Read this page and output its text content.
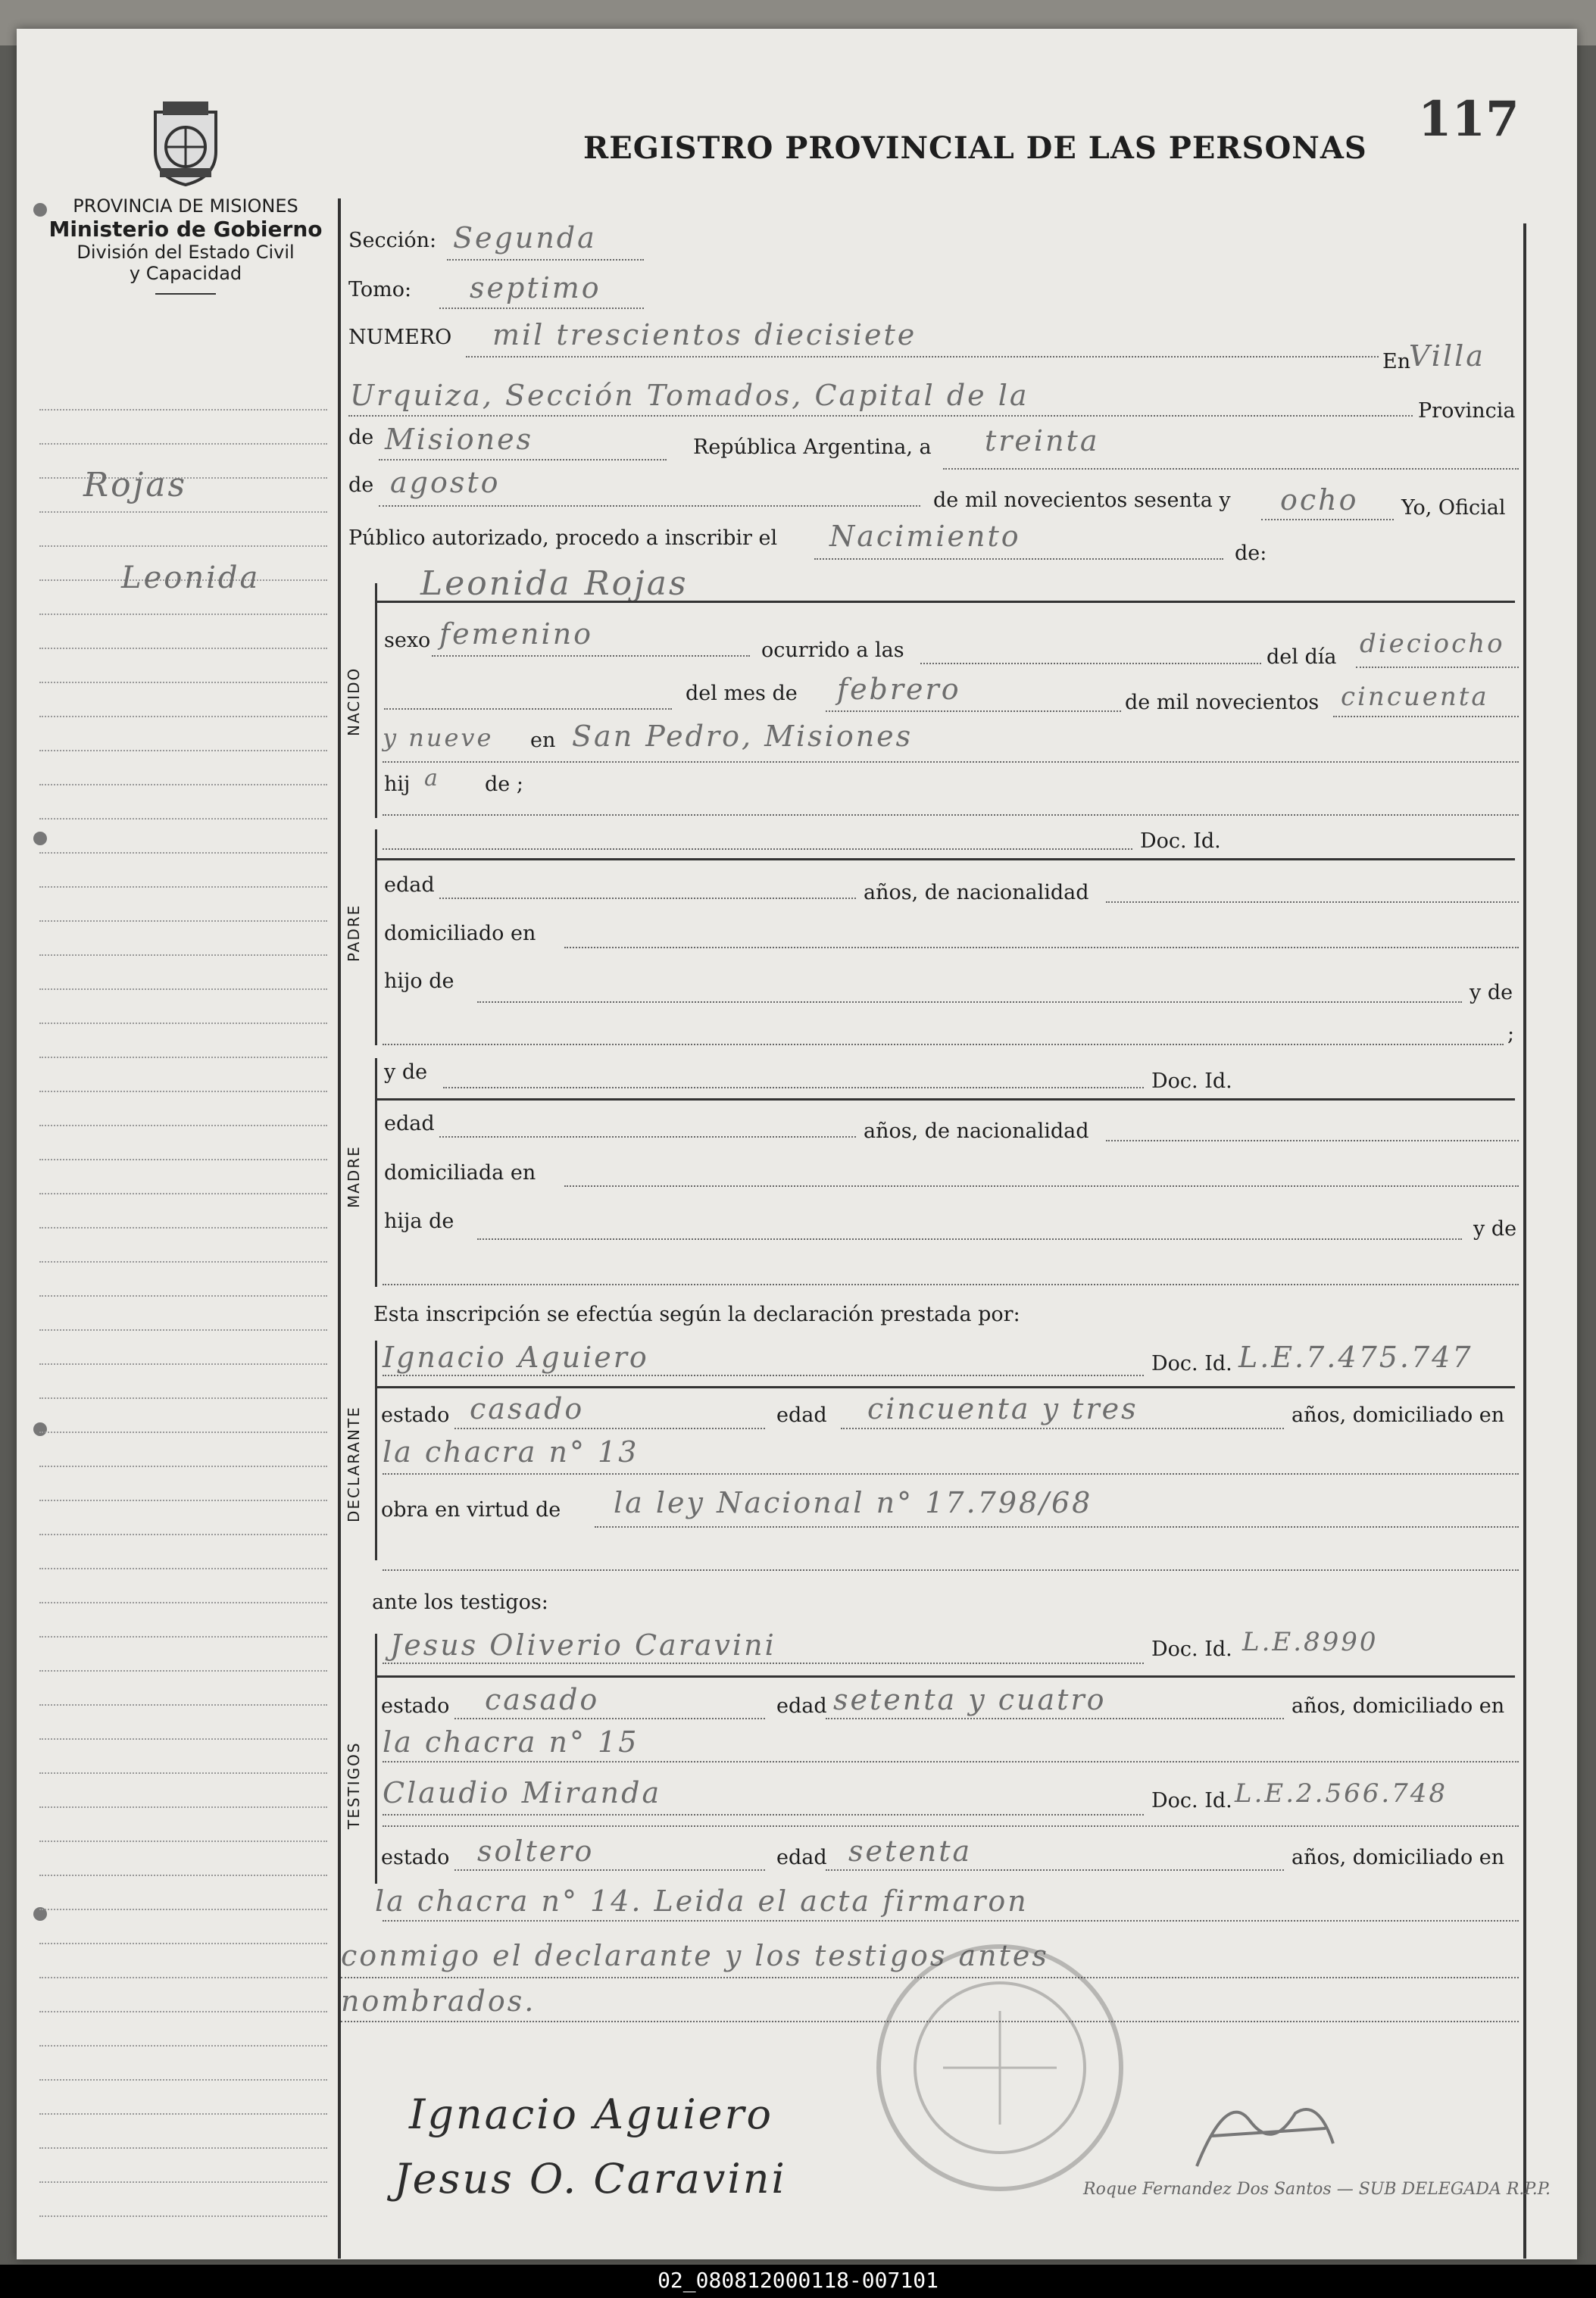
PROVINCIA DE MISIONES
Ministerio de Gobierno
División del Estado Civil
y Capacidad
117
REGISTRO PROVINCIAL DE LAS PERSONAS
Rojas
Leonida
Sección: Segunda
Tomo: septimo
NUMERO mil trescientos diecisiete
En
Villa
Urquiza, Sección Tomados, Capital de la	Provincia
de Misiones	República Argentina, a treinta
de agosto
de mil novecientos sesenta y ocho Yo, Oficial
Público autorizado, procedo a inscribir el Nacimiento
de:
Leonida Rojas
NACIDO
sexo femenino	ocurrido a las	del día dieciocho
del mes de febrero	de mil novecientos cincuenta
y nueve en San Pedro, Misiones
hij a de ;
Doc. Id.
PADRE
edad	años, de nacionalidad
domiciliado en
hijo de	y de
;
y de	Doc. Id.
MADRE
edad	años, de nacionalidad
domiciliada en
hija de	y de
Esta inscripción se efectúa según la declaración prestada por:
Ignacio Aguiero	Doc. Id. L.E.7.475.747
DECLARANTE estado casado	edad cincuenta y tres	años, domiciliado en
la chacra n° 13
obra en virtud de la ley Nacional n° 17.798/68
ante los testigos:
Jesus Oliverio Caravini	Doc. Id. L.E.8990
TESTIGOS
estado casado	edad setenta y cuatro	años, domiciliado en
la chacra n° 15
Claudio Miranda	Doc. Id. L.E.2.566.748
estado soltero	edad setenta	años, domiciliado en
la chacra n° 14. Leida el acta firmaron
conmigo el declarante y los testigos antes
nombrados.
Roque Fernandez Dos Santos — SUB DELEGADA R.P.P.
Ignacio Aguiero
Jesus O. Caravini
02_080812000118-007101
